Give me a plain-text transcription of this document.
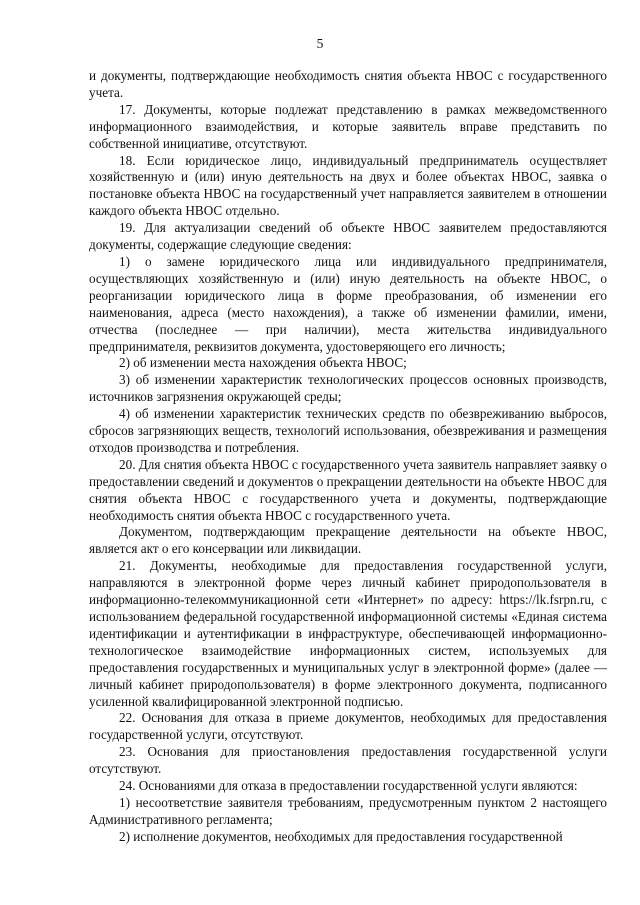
5

и документы, подтверждающие необходимость снятия объекта НВОС с государственного учета.

17. Документы, которые подлежат представлению в рамках межведомственного информационного взаимодействия, и которые заявитель вправе представить по собственной инициативе, отсутствуют.

18. Если юридическое лицо, индивидуальный предприниматель осуществляет хозяйственную и (или) иную деятельность на двух и более объектах НВОС, заявка о постановке объекта НВОС на государственный учет направляется заявителем в отношении каждого объекта НВОС отдельно.

19. Для актуализации сведений об объекте НВОС заявителем предоставляются документы, содержащие следующие сведения:

1) о замене юридического лица или индивидуального предпринимателя, осуществляющих хозяйственную и (или) иную деятельность на объекте НВОС, о реорганизации юридического лица в форме преобразования, об изменении его наименования, адреса (место нахождения), а также об изменении фамилии, имени, отчества (последнее — при наличии), места жительства индивидуального предпринимателя, реквизитов документа, удостоверяющего его личность;

2) об изменении места нахождения объекта НВОС;

3) об изменении характеристик технологических процессов основных производств, источников загрязнения окружающей среды;

4) об изменении характеристик технических средств по обезвреживанию выбросов, сбросов загрязняющих веществ, технологий использования, обезвреживания и размещения отходов производства и потребления.

20. Для снятия объекта НВОС с государственного учета заявитель направляет заявку о предоставлении сведений и документов о прекращении деятельности на объекте НВОС для снятия объекта НВОС с государственного учета и документы, подтверждающие необходимость снятия объекта НВОС с государственного учета.

Документом, подтверждающим прекращение деятельности на объекте НВОС, является акт о его консервации или ликвидации.

21. Документы, необходимые для предоставления государственной услуги, направляются в электронной форме через личный кабинет природопользователя в информационно-телекоммуникационной сети «Интернет» по адресу: https://lk.fsrpn.ru, с использованием федеральной государственной информационной системы «Единая система идентификации и аутентификации в инфраструктуре, обеспечивающей информационно-технологическое взаимодействие информационных систем, используемых для предоставления государственных и муниципальных услуг в электронной форме» (далее — личный кабинет природопользователя) в форме электронного документа, подписанного усиленной квалифицированной электронной подписью.

22. Основания для отказа в приеме документов, необходимых для предоставления государственной услуги, отсутствуют.

23. Основания для приостановления предоставления государственной услуги отсутствуют.

24. Основаниями для отказа в предоставлении государственной услуги являются:

1) несоответствие заявителя требованиям, предусмотренным пунктом 2 настоящего Административного регламента;

2) исполнение документов, необходимых для предоставления государственной
